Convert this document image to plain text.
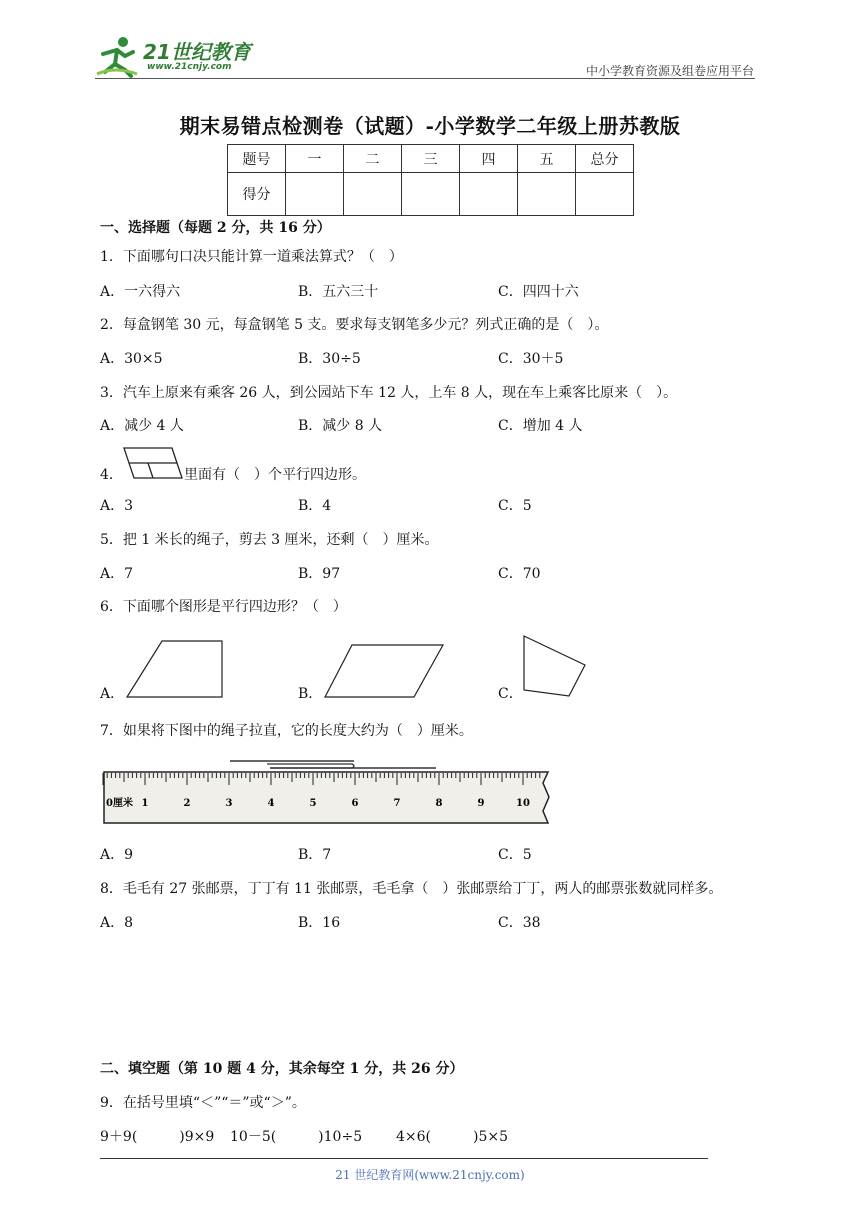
21世纪教育
www.21cnjy.com	中小学教育资源及组卷应用平台
期末易错点检测卷（试题）-小学数学二年级上册苏教版
题号	一	二	三	四	五	总分
得分						
一、选择题（每题 2 分，共 16 分）
1．下面哪句口决只能计算一道乘法算式？（　）
A．一六得六	B．五六三十	C．四四十六
2．每盒钢笔 30 元，每盒钢笔 5 支。要求每支钢笔多少元？列式正确的是（　）。
A．30×5	B．30÷5	C．30＋5
3．汽车上原来有乘客 26 人，到公园站下车 12 人，上车 8 人，现在车上乘客比原来（　）。
A．减少 4 人	B．减少 8 人	C．增加 4 人
4．	里面有（　）个平行四边形。
A．3	B．4	C．5
5．把 1 米长的绳子，剪去 3 厘米，还剩（　）厘米。
A．7	B．97	C．70
6．下面哪个图形是平行四边形？（　）
A．	B．	C．
7．如果将下图中的绳子拉直，它的长度大约为（　）厘米。
0厘米 1	2	3	4	5	6	7	8	9	10
A．9	B．7	C．5
8．毛毛有 27 张邮票，丁丁有 11 张邮票，毛毛拿（　）张邮票给丁丁，两人的邮票张数就同样多。
A．8	B．16	C．38
二、填空题（第 10 题 4 分，其余每空 1 分，共 26 分）
9．在括号里填“＜”“＝”或“＞”。
9＋9(　　　)9×9 10－5(　　　)10÷5 4×6(　　　)5×5
21 世纪教育网(www.21cnjy.com)
